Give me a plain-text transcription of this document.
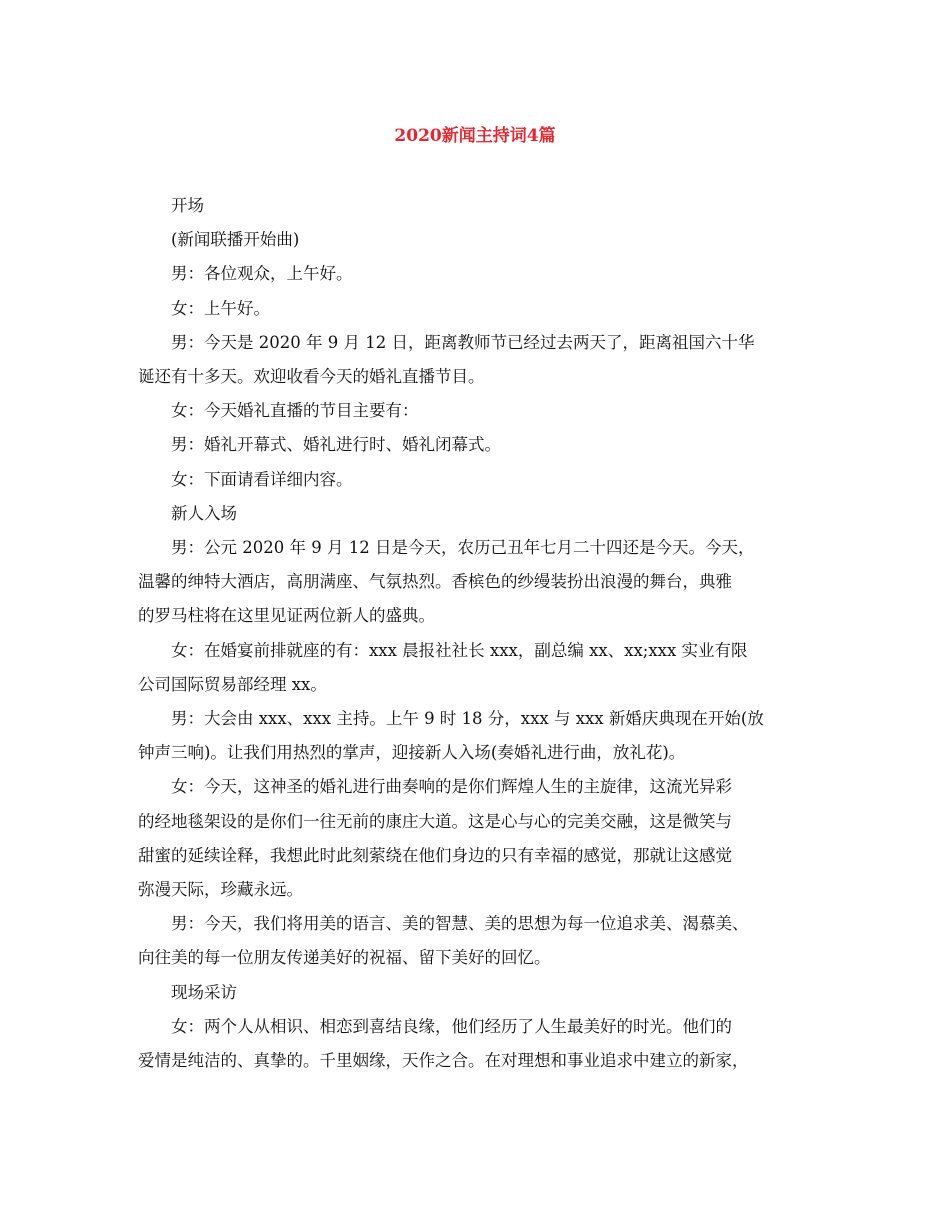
2020新闻主持词4篇

开场

(新闻联播开始曲)

男：各位观众，上午好。

女：上午好。

男：今天是 2020 年 9 月 12 日，距离教师节已经过去两天了，距离祖国六十华
诞还有十多天。欢迎收看今天的婚礼直播节目。

女：今天婚礼直播的节目主要有：

男：婚礼开幕式、婚礼进行时、婚礼闭幕式。

女：下面请看详细内容。

新人入场

男：公元 2020 年 9 月 12 日是今天，农历己丑年七月二十四还是今天。今天，
温馨的绅特大酒店，高朋满座、气氛热烈。香槟色的纱缦装扮出浪漫的舞台，典雅
的罗马柱将在这里见证两位新人的盛典。

女：在婚宴前排就座的有：xxx 晨报社社长 xxx，副总编 xx、xx;xxx 实业有限
公司国际贸易部经理 xx。

男：大会由 xxx、xxx 主持。上午 9 时 18 分，xxx 与 xxx 新婚庆典现在开始(放
钟声三响)。让我们用热烈的掌声，迎接新人入场(奏婚礼进行曲，放礼花)。

女：今天，这神圣的婚礼进行曲奏响的是你们辉煌人生的主旋律，这流光异彩
的经地毯架设的是你们一往无前的康庄大道。这是心与心的完美交融，这是微笑与
甜蜜的延续诠释，我想此时此刻萦绕在他们身边的只有幸福的感觉，那就让这感觉
弥漫天际，珍藏永远。

男：今天，我们将用美的语言、美的智慧、美的思想为每一位追求美、渴慕美、
向往美的每一位朋友传递美好的祝福、留下美好的回忆。

现场采访

女：两个人从相识、相恋到喜结良缘，他们经历了人生最美好的时光。他们的
爱情是纯洁的、真挚的。千里姻缘，天作之合。在对理想和事业追求中建立的新家，
